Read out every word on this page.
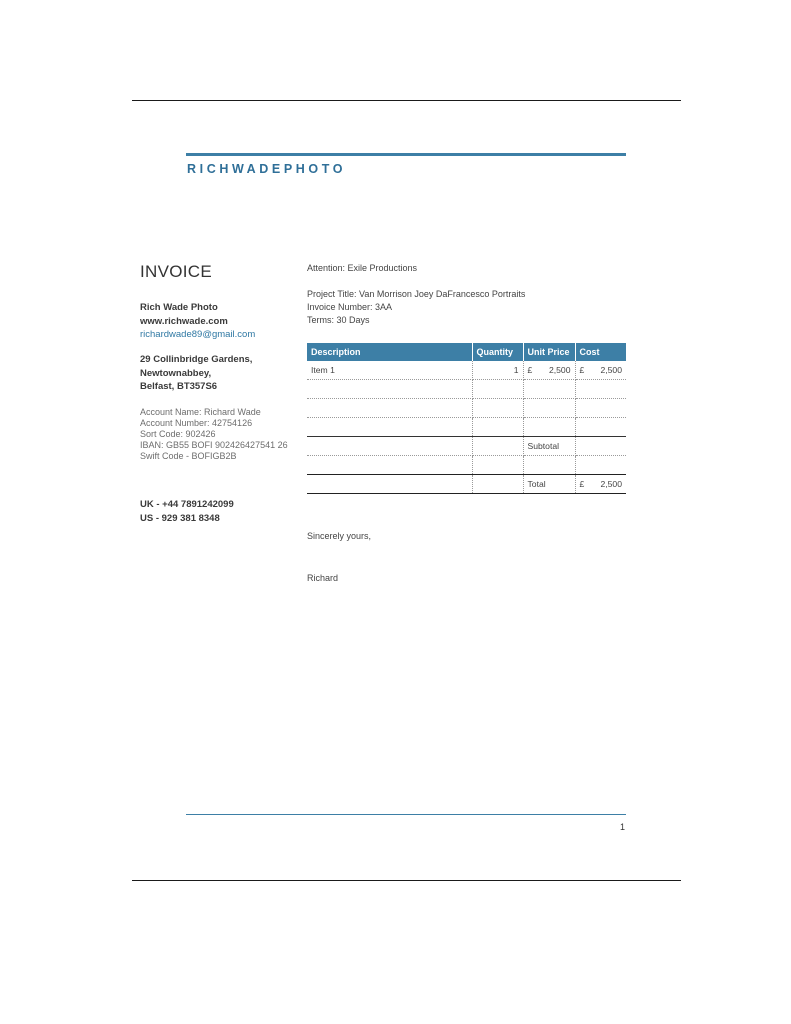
RICHWADEPHOTO
INVOICE
Rich Wade Photo
www.richwade.com
richardwade89@gmail.com
29 Collinbridge Gardens,
Newtownabbey,
Belfast, BT357S6
Account Name: Richard Wade
Account Number: 42754126
Sort Code: 902426
IBAN: GB55 BOFI 902426427541 26
Swift Code - BOFIGB2B
UK - +44 7891242099
US - 929 381 8348
Attention: Exile Productions
Project Title: Van Morrison Joey DaFrancesco Portraits
Invoice Number: 3AA
Terms: 30 Days
Description	Quantity	Unit Price	Cost
Item 1	1	£ 2,500	£ 2,500

		Subtotal	

		Total	£ 2,500
Sincerely yours,
Richard
1
